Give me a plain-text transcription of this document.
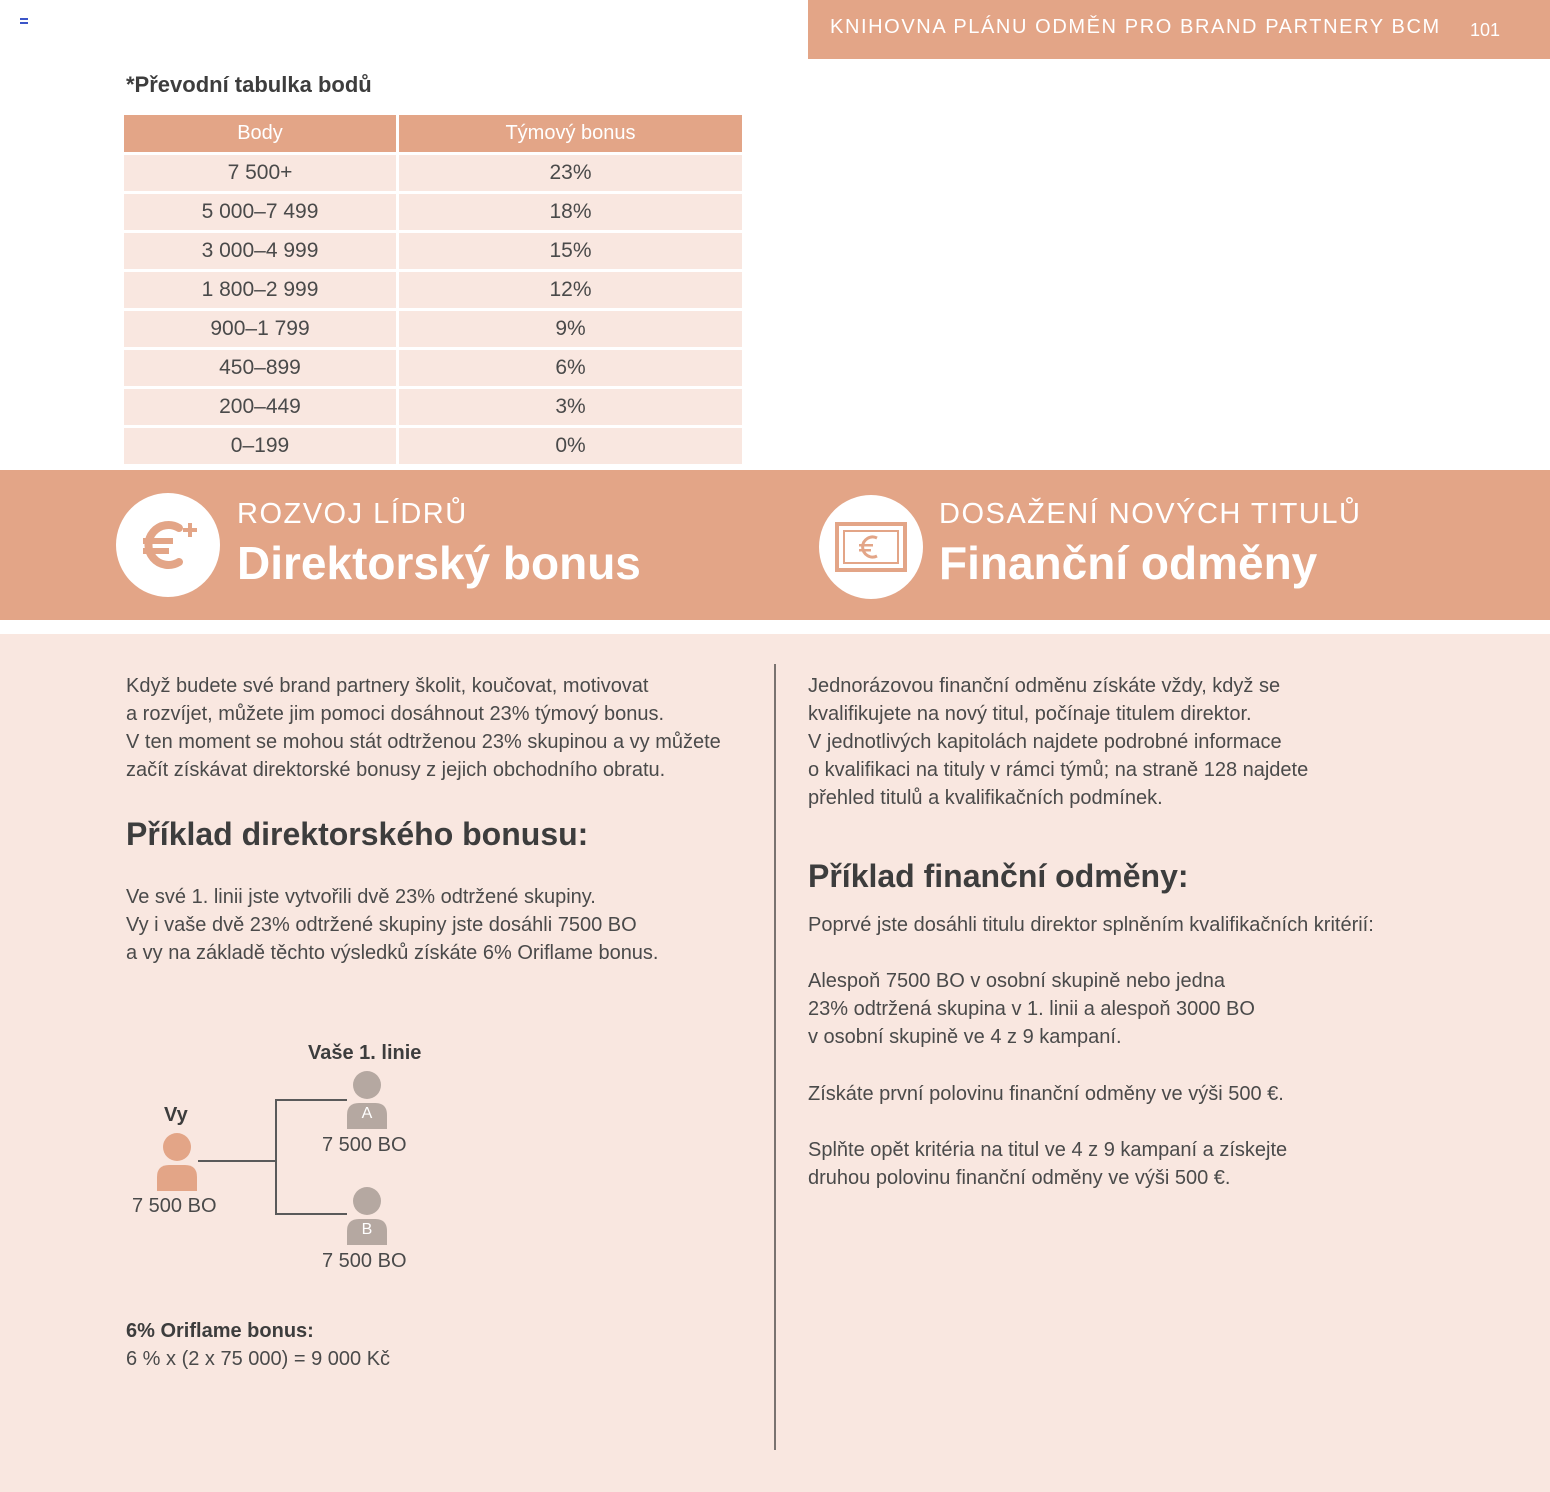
KNIHOVNA PLÁNU ODMĚN PRO BRAND PARTNERY BCM 101
*Převodní tabulka bodů
Body	Týmový bonus
7 500+	23%
5 000–7 499	18%
3 000–4 999	15%
1 800–2 999	12%
900–1 799	9%
450–899	6%
200–449	3%
0–199	0%
ROZVOJ LÍDRŮ
Direktorský bonus
DOSAŽENÍ NOVÝCH TITULŮ
Finanční odměny
Když budete své brand partnery školit, koučovat, motivovat
a rozvíjet, můžete jim pomoci dosáhnout 23% týmový bonus.
V ten moment se mohou stát odtrženou 23% skupinou a vy můžete
začít získávat direktorské bonusy z jejich obchodního obratu.
Příklad direktorského bonusu:
Ve své 1. linii jste vytvořili dvě 23% odtržené skupiny.
Vy i vaše dvě 23% odtržené skupiny jste dosáhli 7500 BO
a vy na základě těchto výsledků získáte 6% Oriflame bonus.
Vaše 1. linie
Vy
7 500 BO
A
7 500 BO
B
7 500 BO
6% Oriflame bonus:
6 % x (2 x 75 000) = 9 000 Kč
Jednorázovou finanční odměnu získáte vždy, když se
kvalifikujete na nový titul, počínaje titulem direktor.
V jednotlivých kapitolách najdete podrobné informace
o kvalifikaci na tituly v rámci týmů; na straně 128 najdete
přehled titulů a kvalifikačních podmínek.
Příklad finanční odměny:
Poprvé jste dosáhli titulu direktor splněním kvalifikačních kritérií:
Alespoň 7500 BO v osobní skupině nebo jedna
23% odtržená skupina v 1. linii a alespoň 3000 BO
v osobní skupině ve 4 z 9 kampaní.
Získáte první polovinu finanční odměny ve výši 500 €.
Splňte opět kritéria na titul ve 4 z 9 kampaní a získejte
druhou polovinu finanční odměny ve výši 500 €.
